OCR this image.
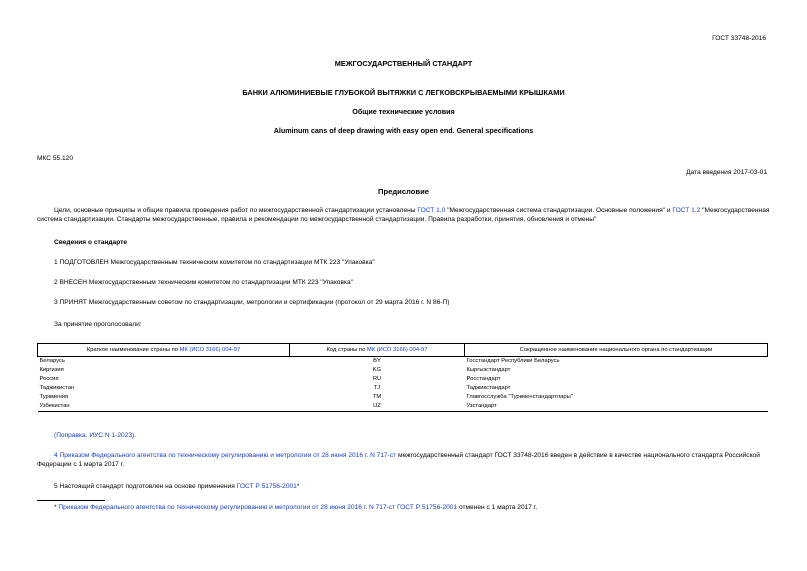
ГОСТ 33748-2016
МЕЖГОСУДАРСТВЕННЫЙ СТАНДАРТ
БАНКИ АЛЮМИНИЕВЫЕ ГЛУБОКОЙ ВЫТЯЖКИ С ЛЕГКОВСКРЫВАЕМЫМИ КРЫШКАМИ
Общие технические условия
Aluminum cans of deep drawing with easy open end. General specifications
МКС 55.120
Дата введения 2017-03-01
Предисловие
Цели, основные принципы и общие правила проведения работ по межгосударственной стандартизации установлены ГОСТ 1.0 "Межгосударственная система стандартизации. Основные положения" и ГОСТ 1.2 "Межгосударственная система стандартизации. Стандарты межгосударственные, правила и рекомендации по межгосударственной стандартизации. Правила разработки, принятия, обновления и отмены"
Сведения о стандарте
1 ПОДГОТОВЛЕН Межгосударственным техническим комитетом по стандартизации МТК 223 "Упаковка"
2 ВНЕСЕН Межгосударственным техническим комитетом по стандартизации МТК 223 "Упаковка"
3 ПРИНЯТ Межгосударственным советом по стандартизации, метрологии и сертификации (протокол от 29 марта 2016 г. N 86-П)
За принятие проголосовали:
Краткое наименование страны по МК (ИСО 3166) 004-97	Код страны по МК (ИСО 3166) 004-97	Сокращенное наименование национального органа по стандартизации
Беларусь	BY	Госстандарт Республики Беларусь
Киргизия	KG	Кыргызстандарт
Россия	RU	Росстандарт
Таджикистан	TJ	Таджикстандарт
Туркмения	TM	Главгосслужба "Туркменстандартлары"
Узбекистан	UZ	Узстандарт
(Поправка. ИУС N 1-2023).
4 Приказом Федерального агентства по техническому регулированию и метрологии от 28 июня 2016 г. N 717-ст межгосударственный стандарт ГОСТ 33748-2016 введен в действие в качестве национального стандарта Российской Федерации с 1 марта 2017 г.
5 Настоящий стандарт подготовлен на основе применения ГОСТ Р 51756-2001*
* Приказом Федерального агентства по техническому регулированию и метрологии от 28 июня 2016 г. N 717-ст ГОСТ Р 51756-2001 отменен с 1 марта 2017 г.
